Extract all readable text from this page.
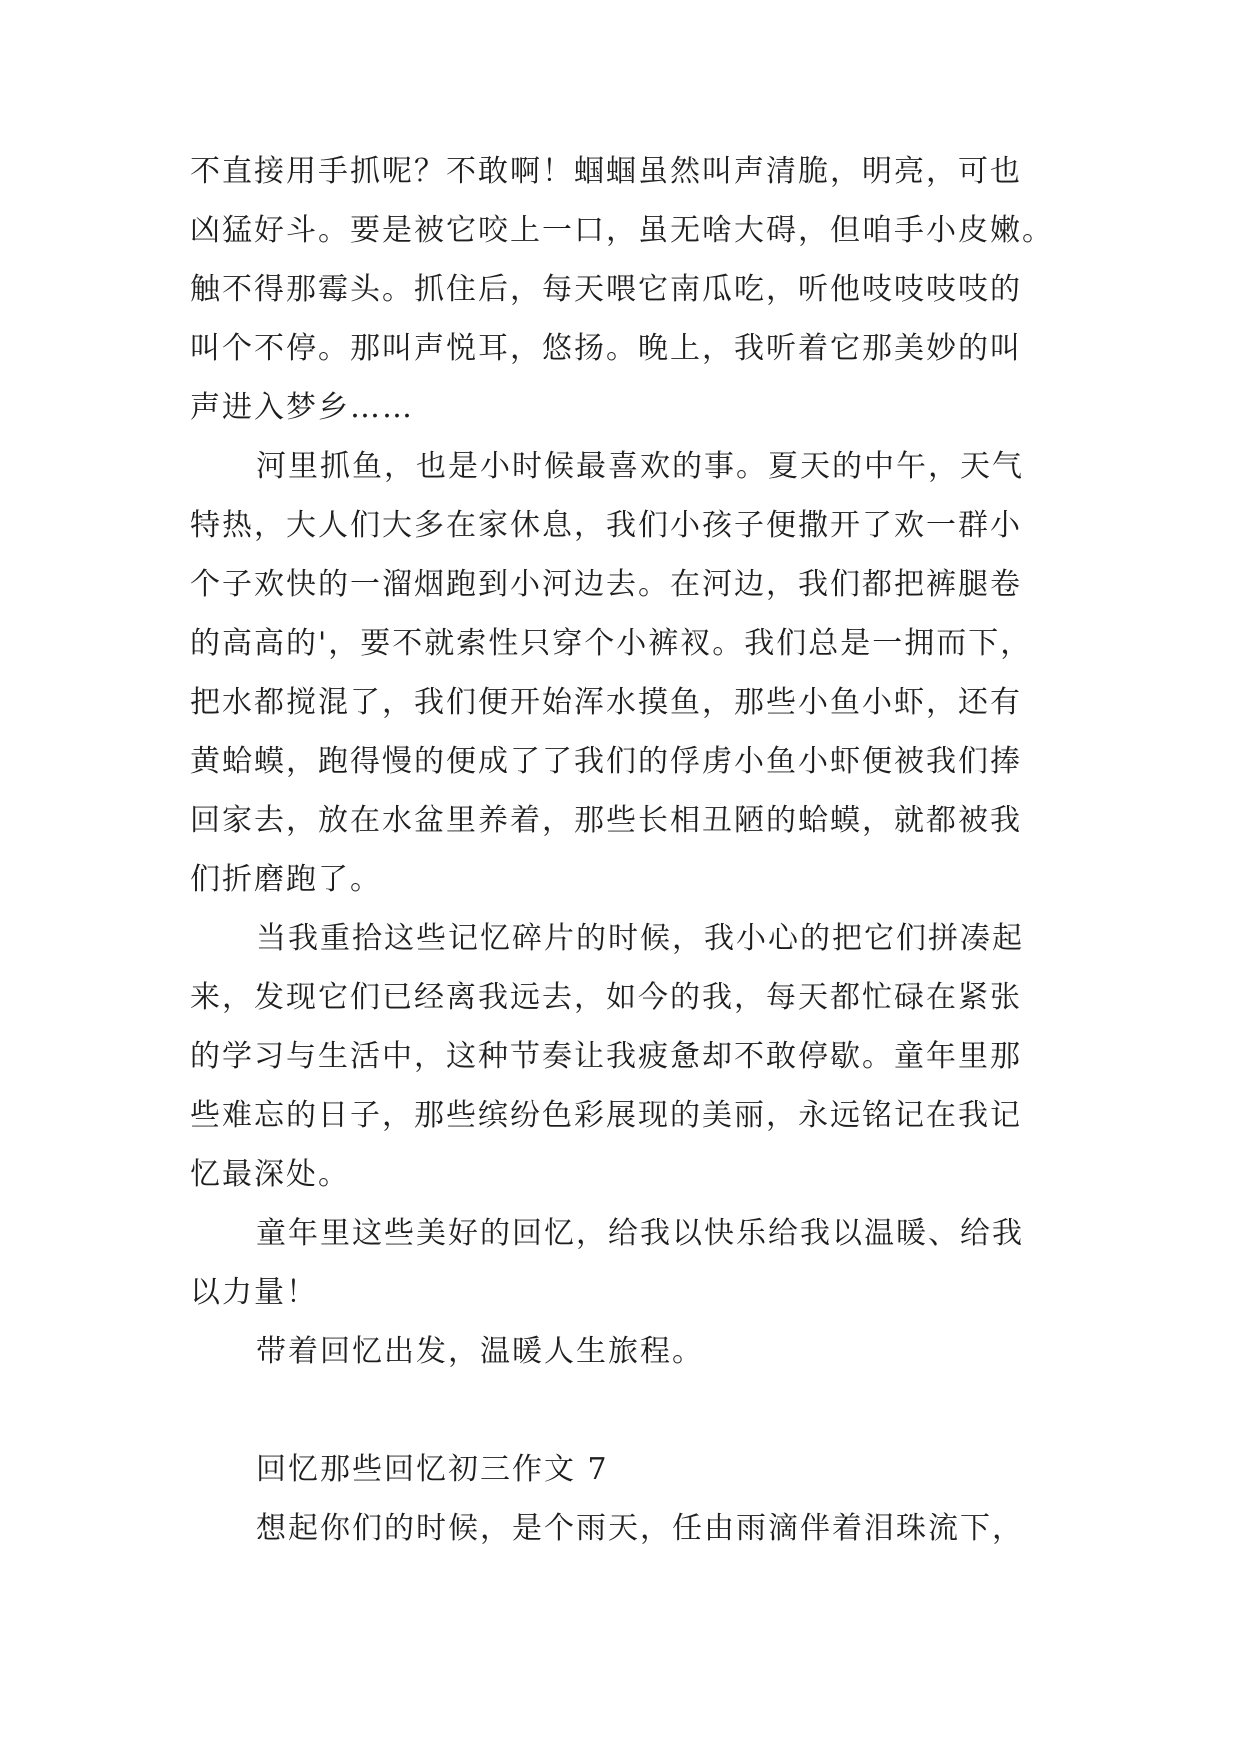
不直接用手抓呢？不敢啊！蝈蝈虽然叫声清脆，明亮，可也
凶猛好斗。要是被它咬上一口，虽无啥大碍，但咱手小皮嫩。
触不得那霉头。抓住后，每天喂它南瓜吃，听他吱吱吱吱的
叫个不停。那叫声悦耳，悠扬。晚上，我听着它那美妙的叫
声进入梦乡……
河里抓鱼，也是小时候最喜欢的事。夏天的中午，天气
特热，大人们大多在家休息，我们小孩子便撒开了欢一群小
个子欢快的一溜烟跑到小河边去。在河边，我们都把裤腿卷
的高高的'，要不就索性只穿个小裤衩。我们总是一拥而下，
把水都搅混了，我们便开始浑水摸鱼，那些小鱼小虾，还有
黄蛤蟆，跑得慢的便成了了我们的俘虏小鱼小虾便被我们捧
回家去，放在水盆里养着，那些长相丑陋的蛤蟆，就都被我
们折磨跑了。
当我重拾这些记忆碎片的时候，我小心的把它们拼凑起
来，发现它们已经离我远去，如今的我，每天都忙碌在紧张
的学习与生活中，这种节奏让我疲惫却不敢停歇。童年里那
些难忘的日子，那些缤纷色彩展现的美丽，永远铭记在我记
忆最深处。
童年里这些美好的回忆，给我以快乐给我以温暖、给我
以力量！
带着回忆出发，温暖人生旅程。
回忆那些回忆初三作文 7
想起你们的时候，是个雨天，任由雨滴伴着泪珠流下，
